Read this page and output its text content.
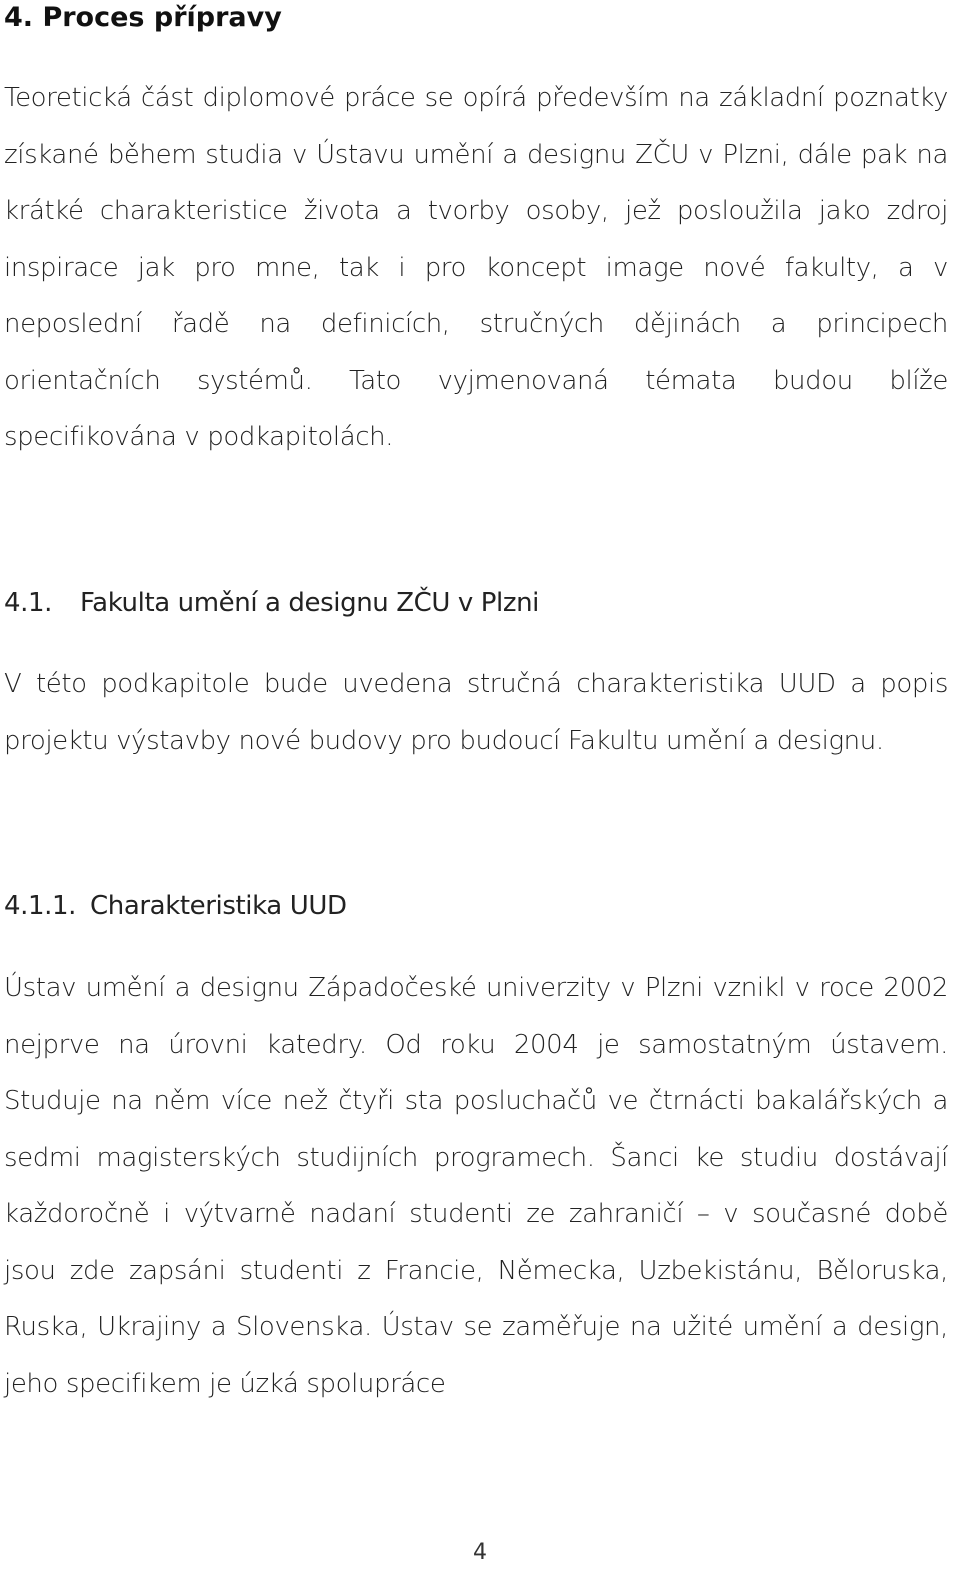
4. Proces přípravy

Teoretická část diplomové práce se opírá především na základní poznatky získané během studia v Ústavu umění a designu ZČU v Plzni, dále pak na krátké charakteristice života a tvorby osoby, jež posloužila jako zdroj inspirace jak pro mne, tak i pro koncept image nové fakulty, a v neposlední řadě na definicích, stručných dějinách a principech orientačních systémů. Tato vyjmenovaná témata budou blíže specifikována v podkapitolách.

4.1. Fakulta umění a designu ZČU v Plzni

V této podkapitole bude uvedena stručná charakteristika UUD a popis projektu výstavby nové budovy pro budoucí Fakultu umění a designu.

4.1.1. Charakteristika UUD

Ústav umění a designu Západočeské univerzity v Plzni vznikl v roce 2002 nejprve na úrovni katedry. Od roku 2004 je samostatným ústavem. Studuje na něm více než čtyři sta posluchačů ve čtrnácti bakalářských a sedmi magisterských studijních programech. Šanci ke studiu dostávají každoročně i výtvarně nadaní studenti ze zahraničí – v současné době jsou zde zapsáni studenti z Francie, Německa, Uzbekistánu, Běloruska, Ruska, Ukrajiny a Slovenska. Ústav se zaměřuje na užité umění a design, jeho specifikem je úzká spolupráce

4
